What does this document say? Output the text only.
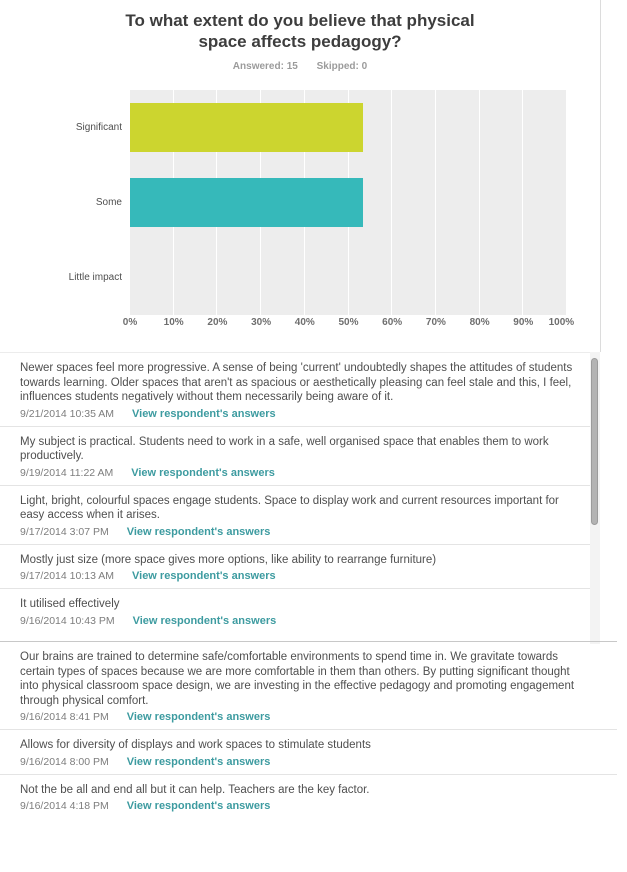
To what extent do you believe that physical space affects pedagogy?
Answered: 15 Skipped: 0
Significant
Some
Little impact
0%	10% 20% 30% 40% 50% 60% 70% 80% 90% 100%
Newer spaces feel more progressive. A sense of being 'current' undoubtedly shapes the attitudes of students towards learning. Older spaces that aren't as spacious or aesthetically pleasing can feel stale and this, I feel, influences students negatively without them necessarily being aware of it.
9/21/2014 10:35 AM View respondent's answers
My subject is practical. Students need to work in a safe, well organised space that enables them to work productively.
9/19/2014 11:22 AM View respondent's answers
Light, bright, colourful spaces engage students. Space to display work and current resources important for easy access when it arises.
9/17/2014 3:07 PM View respondent's answers
Mostly just size (more space gives more options, like ability to rearrange furniture)
9/17/2014 10:13 AM View respondent's answers
It utilised effectively
9/16/2014 10:43 PM View respondent's answers
Our brains are trained to determine safe/comfortable environments to spend time in. We gravitate towards certain types of spaces because we are more comfortable in them than others. By putting significant thought into physical classroom space design, we are investing in the effective pedagogy and promoting engagement through physical comfort.
9/16/2014 8:41 PM View respondent's answers
Allows for diversity of displays and work spaces to stimulate students
9/16/2014 8:00 PM View respondent's answers
Not the be all and end all but it can help. Teachers are the key factor.
9/16/2014 4:18 PM View respondent's answers
